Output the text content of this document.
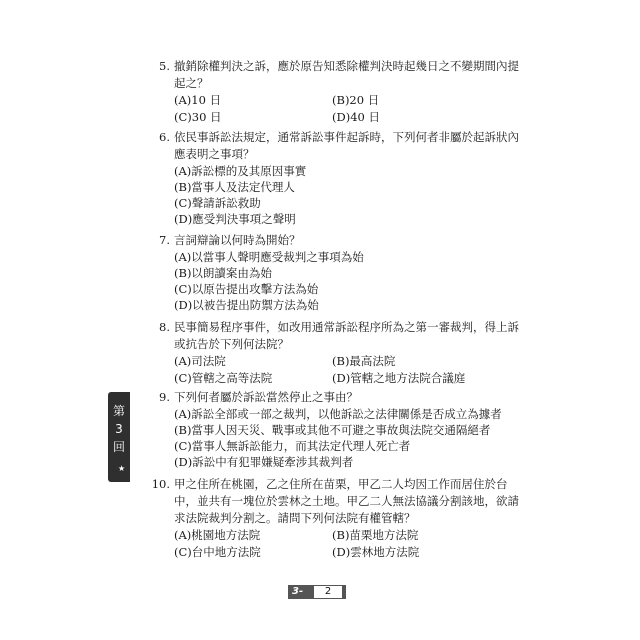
5. 撤銷除權判決之訴，應於原告知悉除權判決時起幾日之不變期間內提
起之？
(A)10 日	(B)20 日
(C)30 日	(D)40 日
6. 依民事訴訟法規定，通常訴訟事件起訴時，下列何者非屬於起訴狀內
應表明之事項？
(A)訴訟標的及其原因事實
(B)當事人及法定代理人
(C)聲請訴訟救助
(D)應受判決事項之聲明
7. 言詞辯論以何時為開始？
(A)以當事人聲明應受裁判之事項為始
(B)以朗讀案由為始
(C)以原告提出攻擊方法為始
(D)以被告提出防禦方法為始
8. 民事簡易程序事件，如改用通常訴訟程序所為之第一審裁判，得上訴
或抗告於下列何法院？
(A)司法院	(B)最高法院
(C)管轄之高等法院	(D)管轄之地方法院合議庭
9. 下列何者屬於訴訟當然停止之事由？
(A)訴訟全部或一部之裁判，以他訴訟之法律關係是否成立為據者
(B)當事人因天災、戰事或其他不可避之事故與法院交通隔絕者
(C)當事人無訴訟能力，而其法定代理人死亡者
(D)訴訟中有犯罪嫌疑牽涉其裁判者
10. 甲之住所在桃園，乙之住所在苗栗，甲乙二人均因工作而居住於台
中，並共有一塊位於雲林之土地。甲乙二人無法協議分割該地，欲請
求法院裁判分割之。請問下列何法院有權管轄？
(A)桃園地方法院	(B)苗栗地方法院
(C)台中地方法院	(D)雲林地方法院
第
3
回
★
3-	2
